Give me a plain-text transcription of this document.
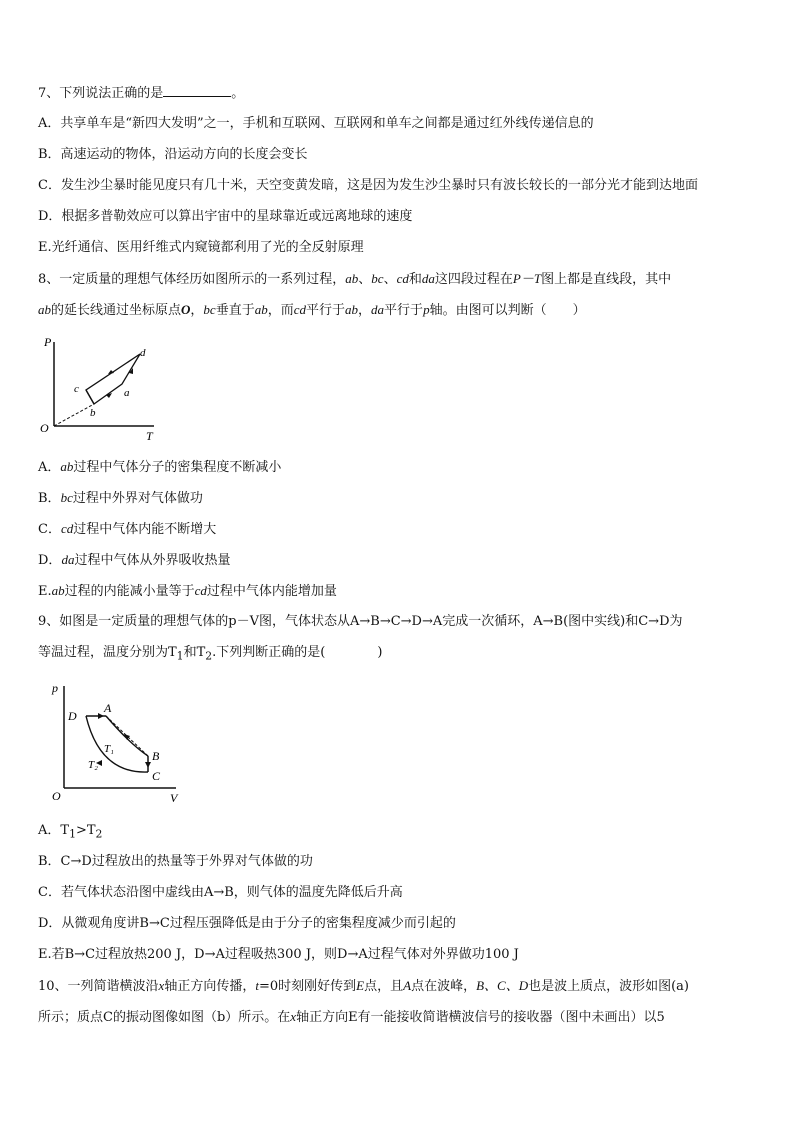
7、下列说法正确的是	。
A．共享单车是“新四大发明”之一，手机和互联网、互联网和单车之间都是通过红外线传递信息的
B．高速运动的物体，沿运动方向的长度会变长
C．发生沙尘暴时能见度只有几十米，天空变黄发暗，这是因为发生沙尘暴时只有波长较长的一部分光才能到达地面
D．根据多普勒效应可以算出宇宙中的星球靠近或远离地球的速度
E.光纤通信、医用纤维式内窥镜都利用了光的全反射原理
8、一定质量的理想气体经历如图所示的一系列过程，ab、bc、cd和da这四段过程在P－T图上都是直线段，其中
ab的延长线通过坐标原点O，bc垂直于ab，而cd平行于ab，da平行于p轴。由图可以判断（　　）
P
T
O
a
b
c
d
A．ab过程中气体分子的密集程度不断减小
B．bc过程中外界对气体做功
C．cd过程中气体内能不断增大
D．da过程中气体从外界吸收热量
E.ab过程的内能减小量等于cd过程中气体内能增加量
9、如图是一定质量的理想气体的p－V图，气体状态从A→B→C→D→A完成一次循环，A→B(图中实线)和C→D为
等温过程，温度分别为$T_1$和$T_2$.下列判断正确的是(　　　　)
p
V
O
A
B
C
D
T₁
T₂
A．$T_1>T_2$
B．C→D过程放出的热量等于外界对气体做的功
C．若气体状态沿图中虚线由A→B，则气体的温度先降低后升高
D．从微观角度讲B→C过程压强降低是由于分子的密集程度减少而引起的
E.若B→C过程放热200 J，D→A过程吸热300 J，则D→A过程气体对外界做功100 J
10、一列简谐横波沿x轴正方向传播，t=0时刻刚好传到E点，且A点在波峰，B、C、D也是波上质点，波形如图(a)
所示；质点C的振动图像如图（b）所示。在x轴正方向E有一能接收简谐横波信号的接收器（图中未画出）以5
